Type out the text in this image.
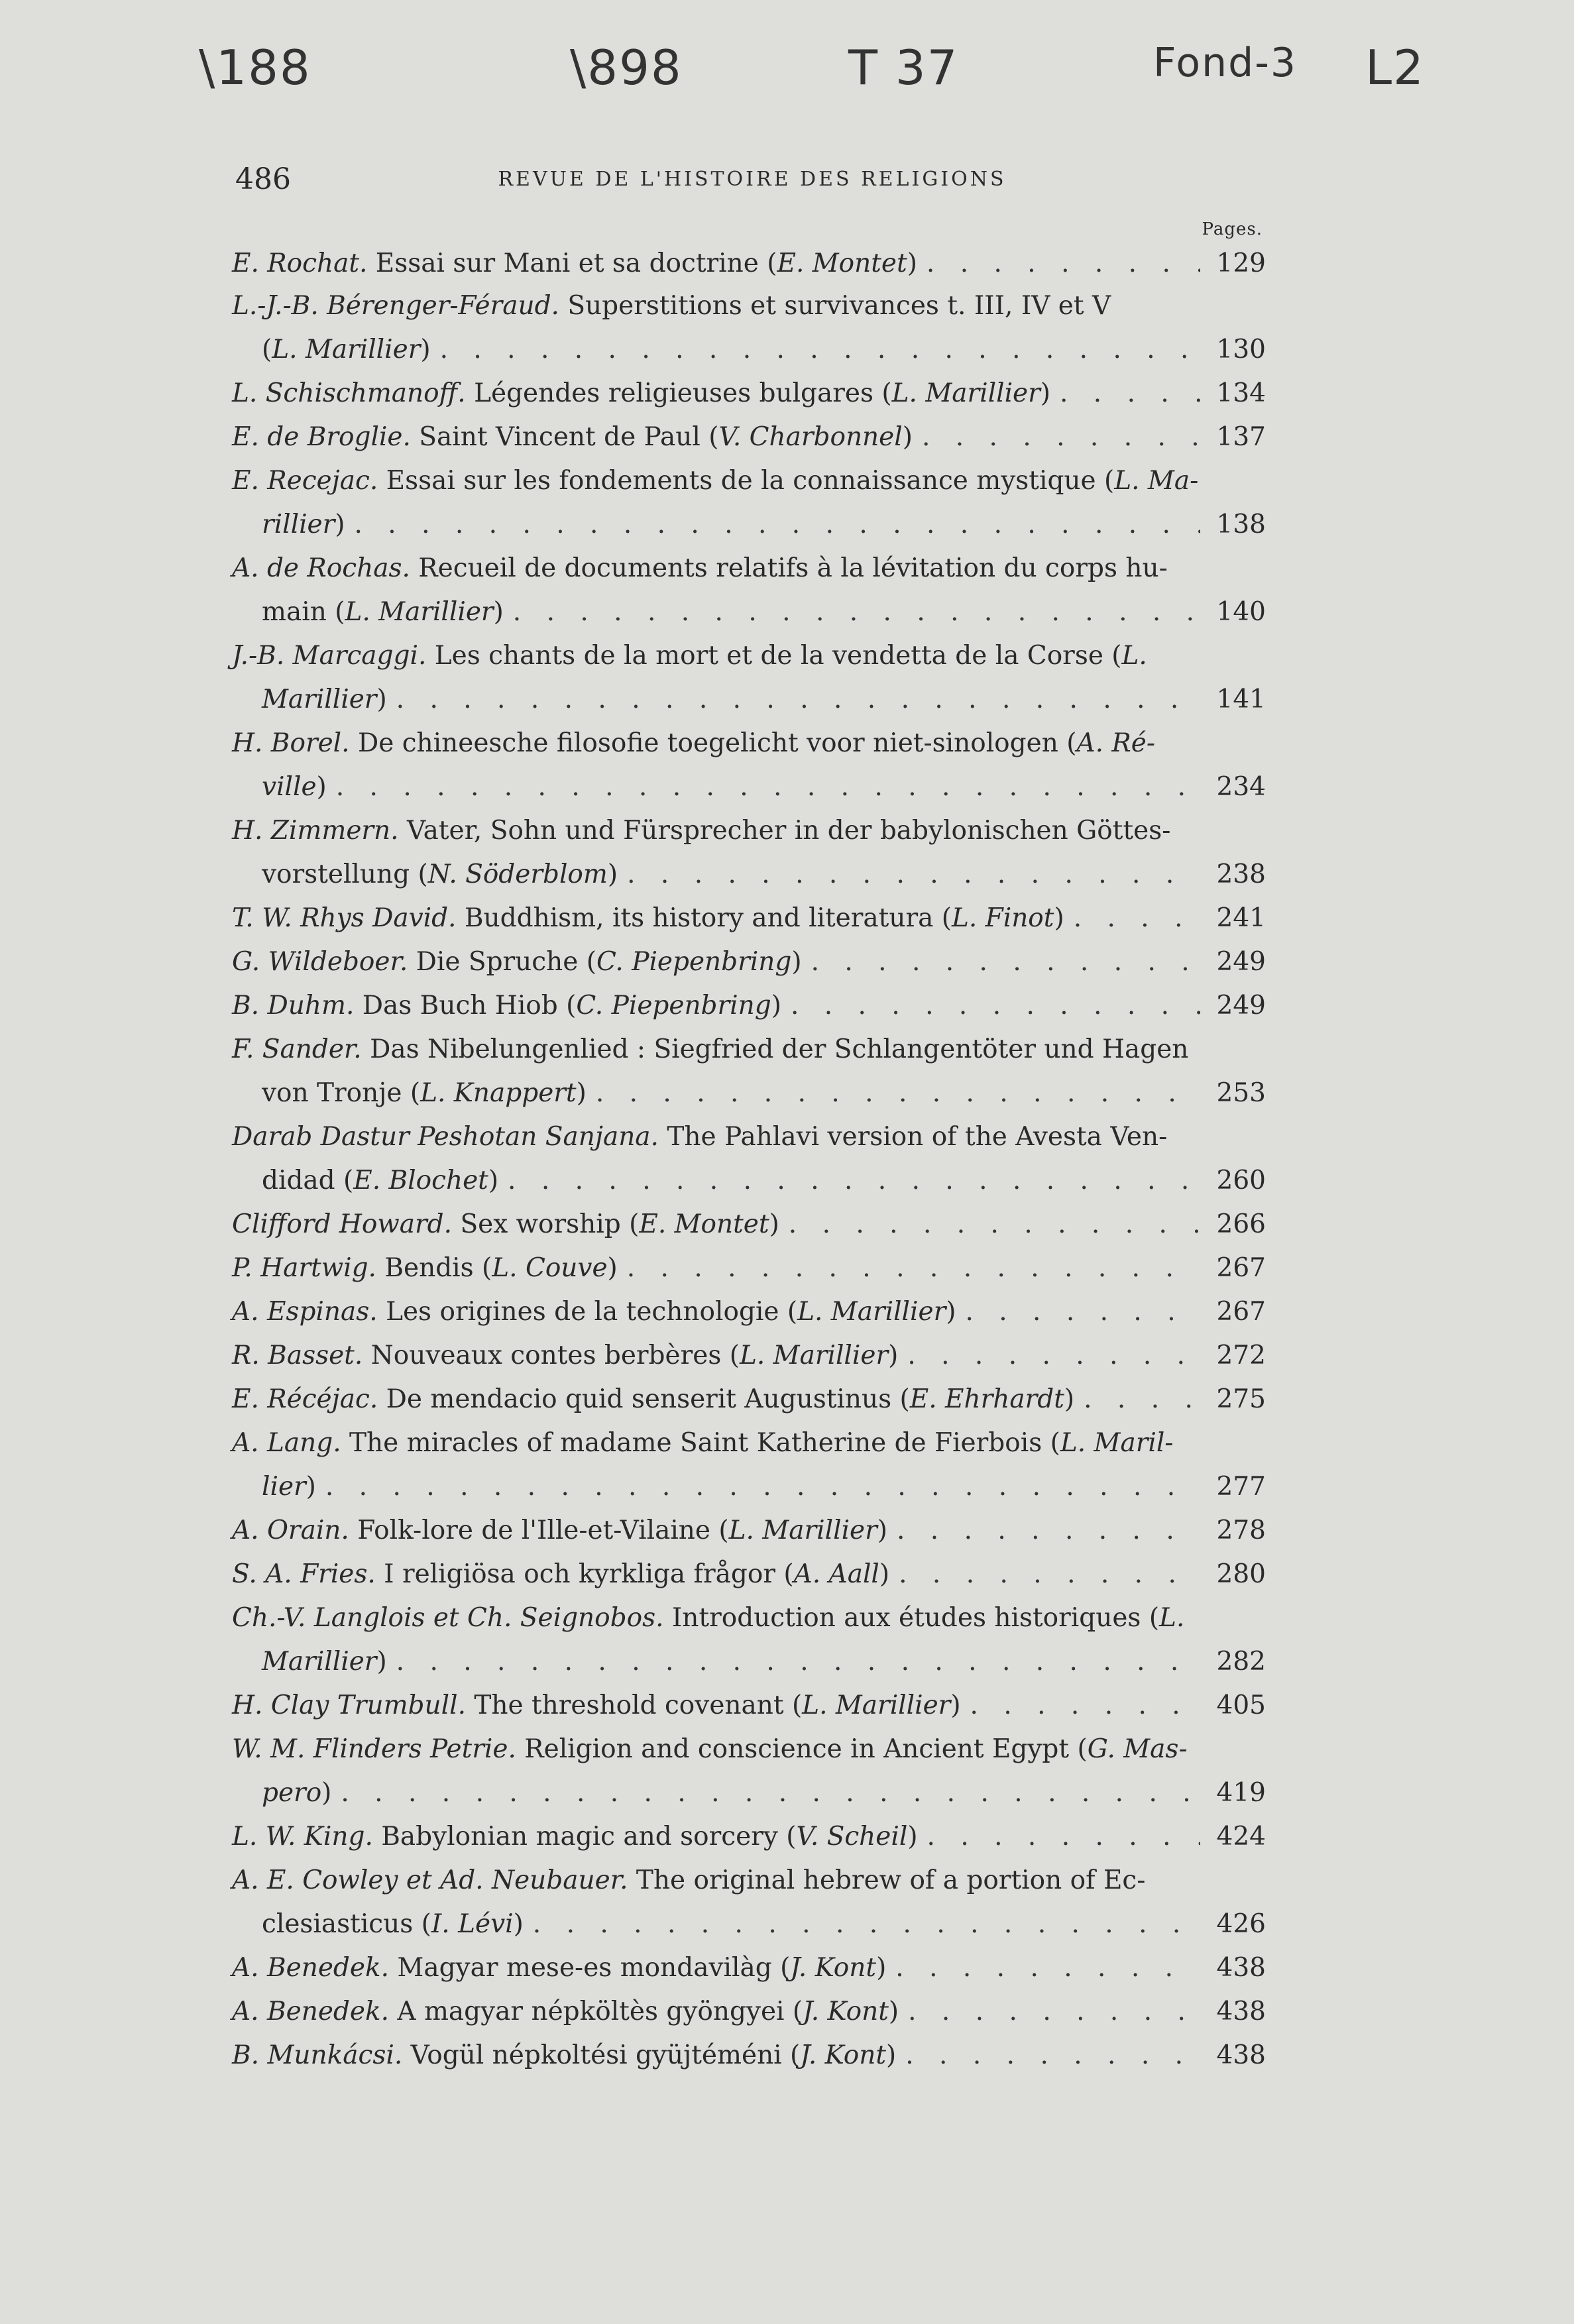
\188	\898	T 37	Fond-3 L2
486	REVUE DE L'HISTOIRE DES RELIGIONS
Pages.
E. Rochat. Essai sur Mani et sa doctrine (E. Montet) . . .	129
L.-J.-B. Bérenger-Féraud. Superstitions et survivances t. III, IV et V
(L. Marillier) . . .	130
L. Schischmanoff. Légendes religieuses bulgares (L. Marillier) . . .	134
E. de Broglie. Saint Vincent de Paul (V. Charbonnel) . . .	137
E. Recejac. Essai sur les fondements de la connaissance mystique (L. Ma-
rillier) . . .	138
A. de Rochas. Recueil de documents relatifs à la lévitation du corps hu-
main (L. Marillier) . . .	140
J.-B. Marcaggi. Les chants de la mort et de la vendetta de la Corse (L.
Marillier) . . .	141
H. Borel. De chineesche filosofie toegelicht voor niet-sinologen (A. Ré-
ville) . . .	234
H. Zimmern. Vater, Sohn und Fürsprecher in der babylonischen Göttes-
vorstellung (N. Söderblom) . . .	238
T. W. Rhys David. Buddhism, its history and literatura (L. Finot) . . .	241
G. Wildeboer. Die Spruche (C. Piepenbring) . . .	249
B. Duhm. Das Buch Hiob (C. Piepenbring) . . .	249
F. Sander. Das Nibelungenlied : Siegfried der Schlangentöter und Hagen
von Tronje (L. Knappert) . . .	253
Darab Dastur Peshotan Sanjana. The Pahlavi version of the Avesta Ven-
didad (E. Blochet) . . .	260
Clifford Howard. Sex worship (E. Montet) . . .	266
P. Hartwig. Bendis (L. Couve) . . .	267
A. Espinas. Les origines de la technologie (L. Marillier) . . .	267
R. Basset. Nouveaux contes berbères (L. Marillier) . . .	272
E. Récéjac. De mendacio quid senserit Augustinus (E. Ehrhardt) . . .	275
A. Lang. The miracles of madame Saint Katherine de Fierbois (L. Maril-
lier) . . .	277
A. Orain. Folk-lore de l'Ille-et-Vilaine (L. Marillier) . . .	278
S. A. Fries. I religiösa och kyrkliga frågor (A. Aall) . . .	280
Ch.-V. Langlois et Ch. Seignobos. Introduction aux études historiques (L.
Marillier) . . .	282
H. Clay Trumbull. The threshold covenant (L. Marillier) . . .	405
W. M. Flinders Petrie. Religion and conscience in Ancient Egypt (G. Mas-
pero) . . .	419
L. W. King. Babylonian magic and sorcery (V. Scheil) . . .	424
A. E. Cowley et Ad. Neubauer. The original hebrew of a portion of Ec-
clesiasticus (I. Lévi) . . .	426
A. Benedek. Magyar mese-es mondavilàg (J. Kont) . . .	438
A. Benedek. A magyar népköltès gyöngyei (J. Kont) . . .	438
B. Munkácsi. Vogül népkoltési gyüjtéméni (J. Kont) . . .	438
